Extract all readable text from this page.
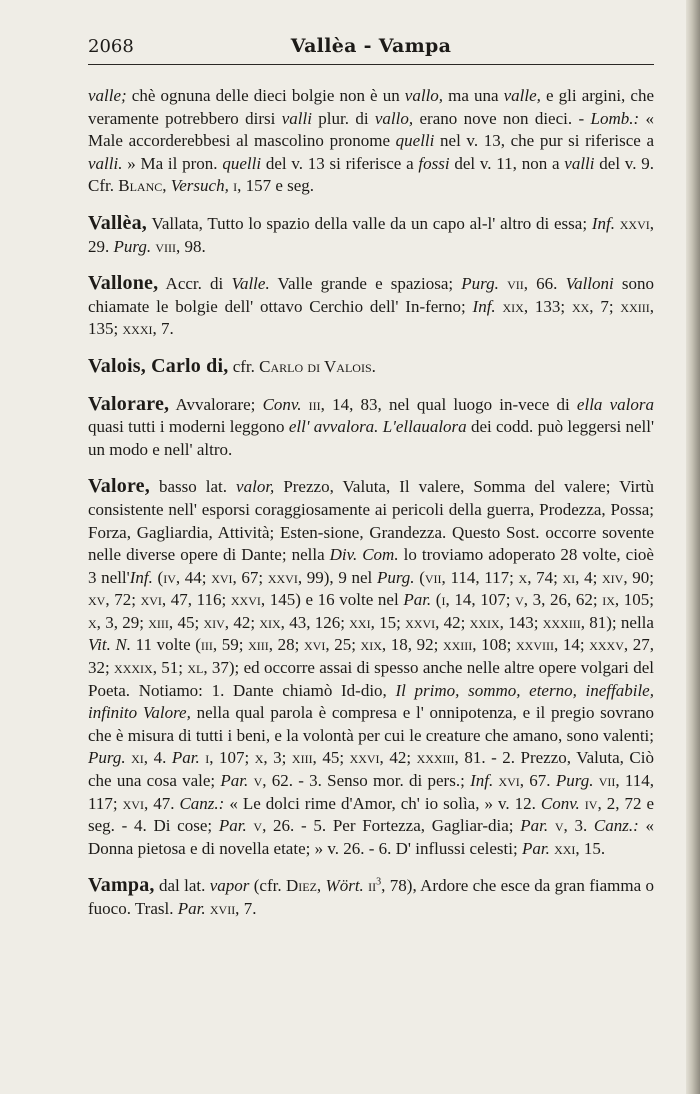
2068	Vallèa - Vampa

valle; chè ognuna delle dieci bolgie non è un vallo, ma una valle, e gli argini, che veramente potrebbero dirsi valli plur. di vallo, erano nove non dieci. - Lomb.: « Male accorderebbesi al mascolino pronome quelli nel v. 13, che pur si riferisce a valli. » Ma il pron. quelli del v. 13 si riferisce a fossi del v. 11, non a valli del v. 9. Cfr. Blanc, Versuch, i, 157 e seg.

Vallèa, Vallata, Tutto lo spazio della valle da un capo al-l' altro di essa; Inf. xxvi, 29. Purg. viii, 98.

Vallone, Accr. di Valle. Valle grande e spaziosa; Purg. vii, 66. Valloni sono chiamate le bolgie dell' ottavo Cerchio dell' In-ferno; Inf. xix, 133; xx, 7; xxiii, 135; xxxi, 7.

Valois, Carlo di, cfr. Carlo di Valois.

Valorare, Avvalorare; Conv. iii, 14, 83, nel qual luogo in-vece di ella valora quasi tutti i moderni leggono ell' avvalora. L'ellaualora dei codd. può leggersi nell' un modo e nell' altro.

Valore, basso lat. valor, Prezzo, Valuta, Il valere, Somma del valere; Virtù consistente nell' esporsi coraggiosamente ai pericoli della guerra, Prodezza, Possa; Forza, Gagliardia, Attività; Esten-sione, Grandezza. Questo Sost. occorre sovente nelle diverse opere di Dante; nella Div. Com. lo troviamo adoperato 28 volte, cioè 3 nell'Inf. (iv, 44; xvi, 67; xxvi, 99), 9 nel Purg. (vii, 114, 117; x, 74; xi, 4; xiv, 90; xv, 72; xvi, 47, 116; xxvi, 145) e 16 volte nel Par. (i, 14, 107; v, 3, 26, 62; ix, 105; x, 3, 29; xiii, 45; xiv, 42; xix, 43, 126; xxi, 15; xxvi, 42; xxix, 143; xxxiii, 81); nella Vit. N. 11 volte (iii, 59; xiii, 28; xvi, 25; xix, 18, 92; xxiii, 108; xxviii, 14; xxxv, 27, 32; xxxix, 51; xl, 37); ed occorre assai di spesso anche nelle altre opere volgari del Poeta. Notiamo: 1. Dante chiamò Id-dio, Il primo, sommo, eterno, ineffabile, infinito Valore, nella qual parola è compresa e l' onnipotenza, e il pregio sovrano che è misura di tutti i beni, e la volontà per cui le creature che amano, sono valenti; Purg. xi, 4. Par. i, 107; x, 3; xiii, 45; xxvi, 42; xxxiii, 81. - 2. Prezzo, Valuta, Ciò che una cosa vale; Par. v, 62. - 3. Senso mor. di pers.; Inf. xvi, 67. Purg. vii, 114, 117; xvi, 47. Canz.: « Le dolci rime d'Amor, ch' io solìa, » v. 12. Conv. iv, 2, 72 e seg. - 4. Di cose; Par. v, 26. - 5. Per Fortezza, Gagliar-dia; Par. v, 3. Canz.: « Donna pietosa e di novella etate; » v. 26. - 6. D' influssi celesti; Par. xxi, 15.

Vampa, dal lat. vapor (cfr. Diez, Wört. $ii^3$, 78), Ardore che esce da gran fiamma o fuoco. Trasl. Par. xvii, 7.
